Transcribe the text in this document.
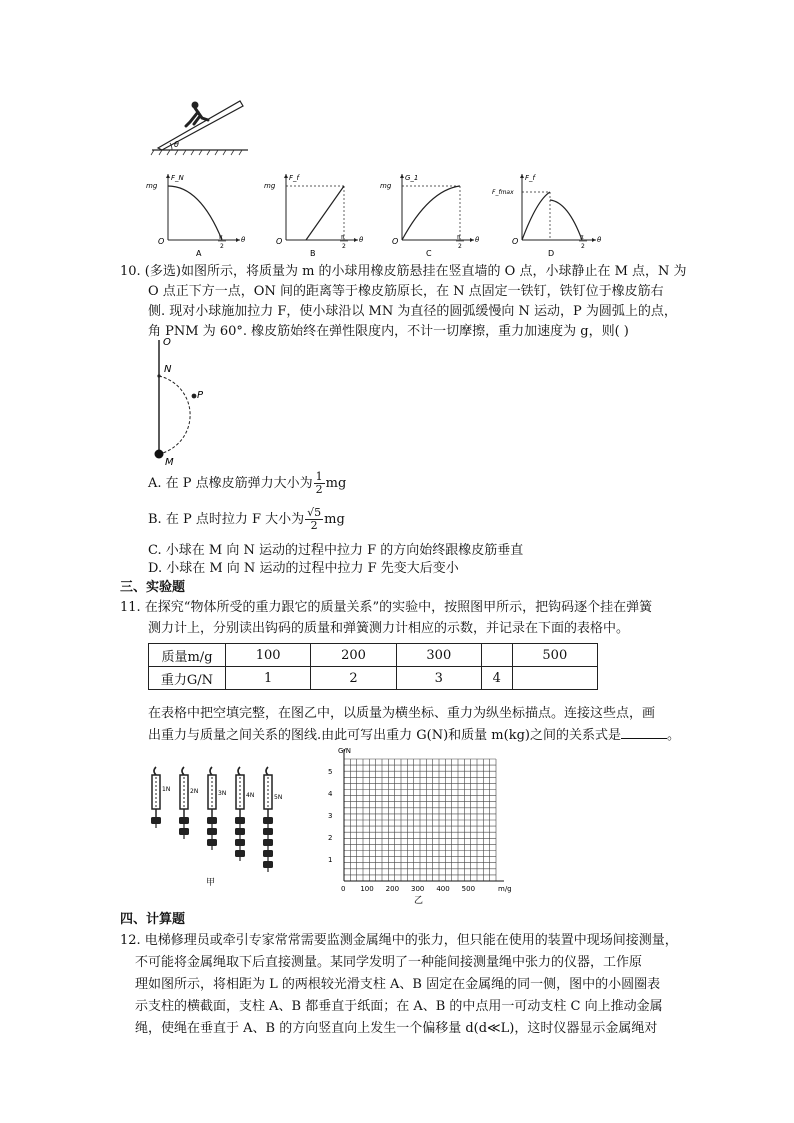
θ
F_N
mg
O	θ
π
2
A
F_f
mg
O	θ
π
2
B
G_1
mg
O	θ
π
2
C
F_f
F_fmax
O	θ
π
2
D
10. (多选)如图所示，将质量为 m 的小球用橡皮筋悬挂在竖直墙的 O 点，小球静止在 M 点，N 为
O 点正下方一点，ON 间的距离等于橡皮筋原长，在 N 点固定一铁钉，铁钉位于橡皮筋右
侧. 现对小球施加拉力 F，使小球沿以 MN 为直径的圆弧缓慢向 N 运动，P 为圆弧上的点，
角 PNM 为 60°. 橡皮筋始终在弹性限度内，不计一切摩擦，重力加速度为 g，则( )
O
N
P
M
A. 在 P 点橡皮筋弹力大小为 $\frac{1}{2}$ mg
B. 在 P 点时拉力 F 大小为 $\frac{√5}{2}$ mg
C. 小球在 M 向 N 运动的过程中拉力 F 的方向始终跟橡皮筋垂直
D. 小球在 M 向 N 运动的过程中拉力 F 先变大后变小
三、实验题
11. 在探究“物体所受的重力跟它的质量关系”的实验中，按照图甲所示，把钩码逐个挂在弹簧
测力计上，分别读出钩码的质量和弹簧测力计相应的示数，并记录在下面的表格中。
质量m/g	100	200	300		500
重力G/N	1	2	3	4	
在表格中把空填完整，在图乙中，以质量为横坐标、重力为纵坐标描点。连接这些点，画
出重力与质量之间关系的图线.由此可写出重力 G(N)和质量 m(kg)之间的关系式是	。
1N	2N	3N	4N	5N
甲
G/N
m/g
1
2
3
4
5
0 100 200 300 400 500
乙
四、计算题
12. 电梯修理员或牵引专家常常需要监测金属绳中的张力，但只能在使用的装置中现场间接测量，
不可能将金属绳取下后直接测量。某同学发明了一种能间接测量绳中张力的仪器，工作原
理如图所示，将相距为 L 的两根较光滑支柱 A、B 固定在金属绳的同一侧，图中的小圆圈表
示支柱的横截面，支柱 A、B 都垂直于纸面；在 A、B 的中点用一可动支柱 C 向上推动金属
绳，使绳在垂直于 A、B 的方向竖直向上发生一个偏移量 d(d≪L)，这时仪器显示金属绳对
